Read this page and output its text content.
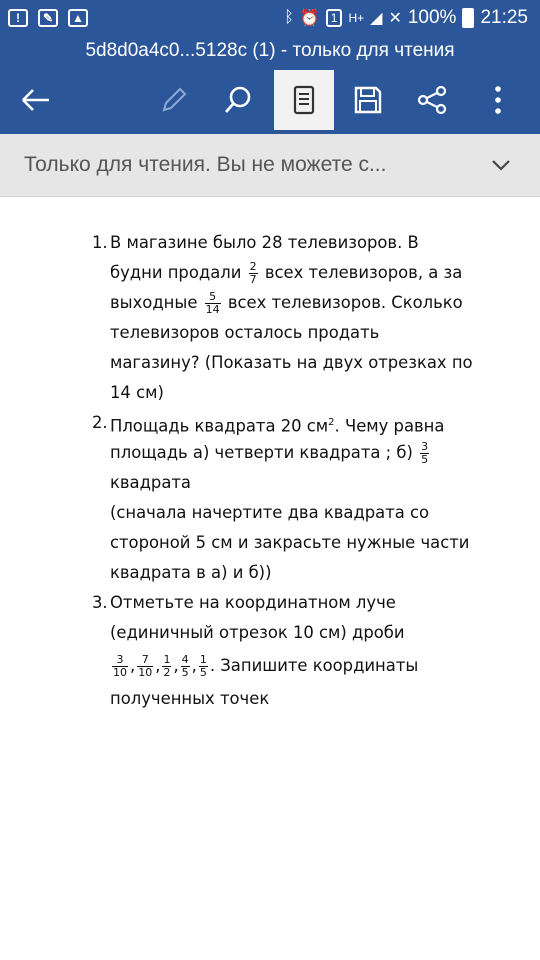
!	✎	▲	ᛒ ⏰ 1 H+ ◢ ✕ 100% 21:25
5d8d0a4c0...5128c (1) - только для чтения
Только для чтения. Вы не можете с...
1. В магазине было 28 телевизоров. В
будни продали $\frac{2}{7}$ всех телевизоров, а за
выходные $\frac{5}{14}$ всех телевизоров. Сколько
телевизоров осталось продать
магазину? (Показать на двух отрезках по
14 см)
2. Площадь квадрата 20 $см^2$. Чему равна
площадь а) четверти квадрата ; $б) \frac{3}{5}$
квадрата
(сначала начертите два квадрата со
стороной 5 см и закрасьте нужные части
квадрата в а) и б))
3. Отметьте на координатном луче
(единичный отрезок 10 см) дроби
$\frac{3}{10}$ , $\frac{7}{10}$ , $\frac{1}{2}$ , $\frac{4}{5}$ , $\frac{1}{5}$ . Запишите координаты
полученных точек
